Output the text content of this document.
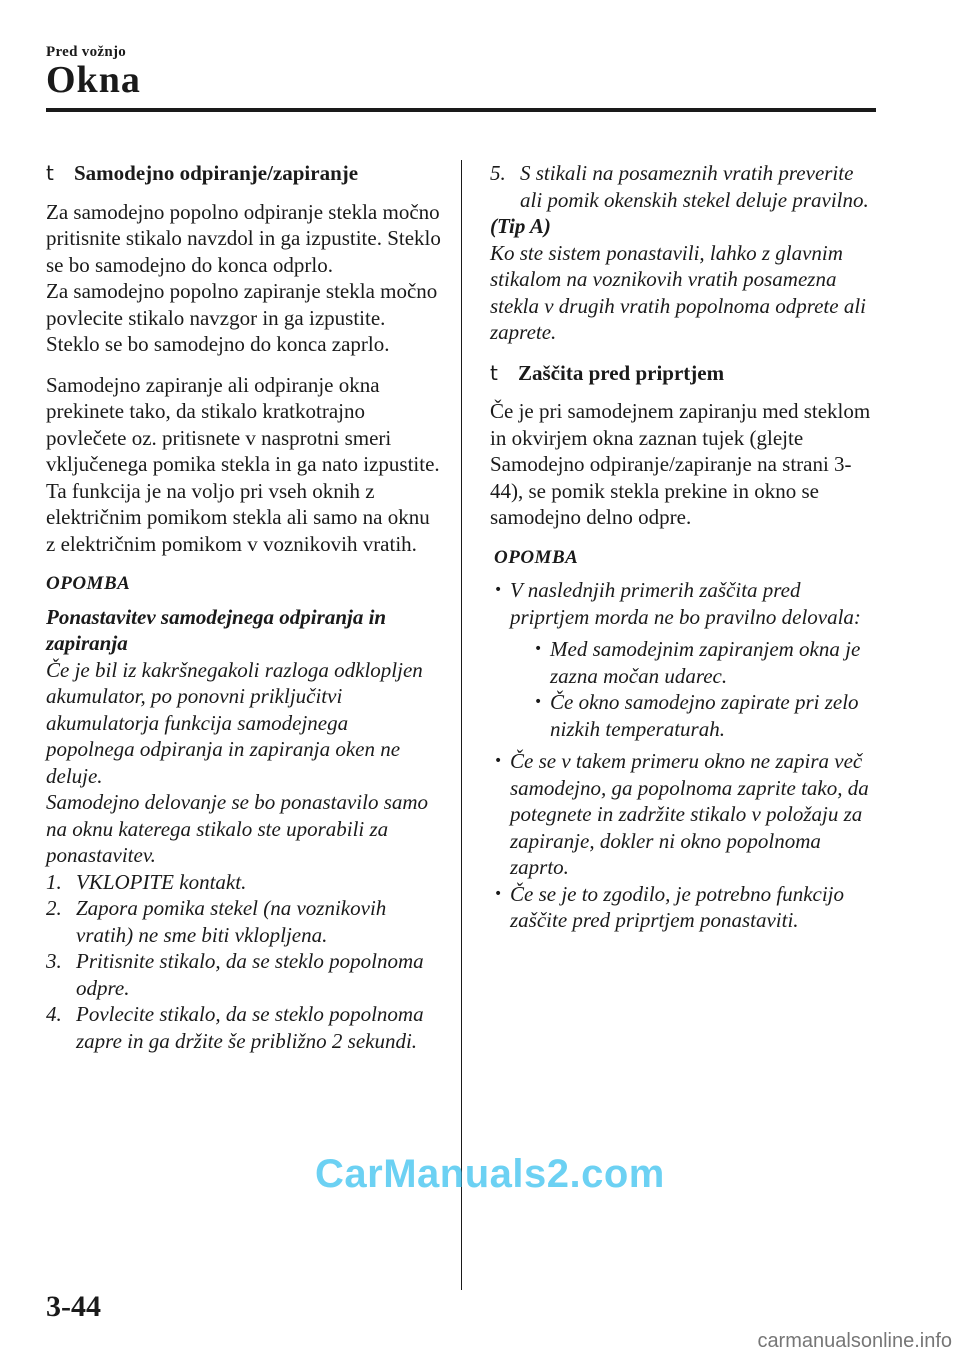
Pred vožnjo
Okna
t Samodejno odpiranje/zapiranje

Za samodejno popolno odpiranje stekla močno pritisnite stikalo navzdol in ga izpustite. Steklo se bo samodejno do konca odprlo.

Za samodejno popolno zapiranje stekla močno povlecite stikalo navzgor in ga izpustite. Steklo se bo samodejno do konca zaprlo.

Samodejno zapiranje ali odpiranje okna prekinete tako, da stikalo kratkotrajno povlečete oz. pritisnete v nasprotni smeri vključenega pomika stekla in ga nato izpustite.

Ta funkcija je na voljo pri vseh oknih z električnim pomikom stekla ali samo na oknu z električnim pomikom v voznikovih vratih.

OPOMBA
Ponastavitev samodejnega odpiranja in zapiranja

Če je bil iz kakršnegakoli razloga odklopljen akumulator, po ponovni priključitvi akumulatorja funkcija samodejnega popolnega odpiranja in zapiranja oken ne deluje.

Samodejno delovanje se bo ponastavilo samo na oknu katerega stikalo ste uporabili za ponastavitev.

1. VKLOPITE kontakt.
2. Zapora pomika stekel (na voznikovih vratih) ne sme biti vklopljena.
3. Pritisnite stikalo, da se steklo popolnoma odpre.
4. Povlecite stikalo, da se steklo popolnoma zapre in ga držite še približno 2 sekundi.
5. S stikali na posameznih vratih preverite ali pomik okenskih stekel deluje pravilno.
(Tip A)

Ko ste sistem ponastavili, lahko z glavnim stikalom na voznikovih vratih posamezna stekla v drugih vratih popolnoma odprete ali zaprete.

t Zaščita pred priprtjem

Če je pri samodejnem zapiranju med steklom in okvirjem okna zaznan tujek (glejte Samodejno odpiranje/zapiranje na strani 3-44), se pomik stekla prekine in okno se samodejno delno odpre.

OPOMBA
• V naslednjih primerih zaščita pred priprtjem morda ne bo pravilno delovala:
• Med samodejnim zapiranjem okna je zazna močan udarec.
• Če okno samodejno zapirate pri zelo nizkih temperaturah.
• Če se v takem primeru okno ne zapira več samodejno, ga popolnoma zaprite tako, da potegnete in zadržite stikalo v položaju za zapiranje, dokler ni okno popolnoma zaprto.
• Če se je to zgodilo, je potrebno funkcijo zaščite pred priprtjem ponastaviti.
CarManuals2.com
3-44
carmanualsonline.info
